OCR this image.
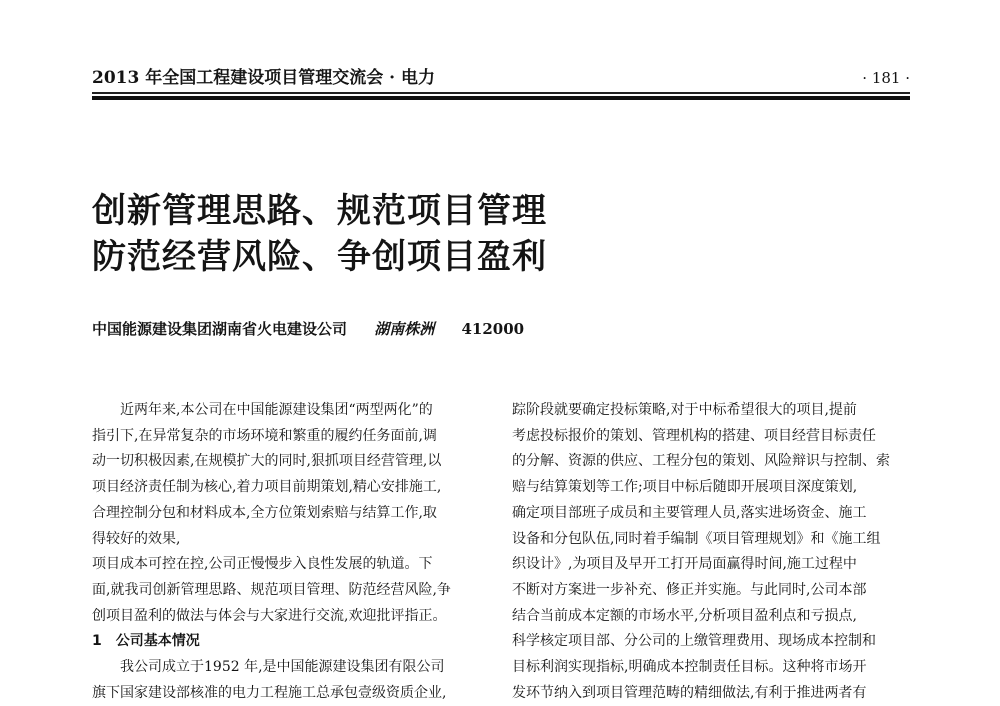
2013 年全国工程建设项目管理交流会 · 电力	· 181 ·
创新管理思路、规范项目管理
防范经营风险、争创项目盈利
中国能源建设集团湖南省火电建设公司 湖南株洲 412000

近两年来,本公司在中国能源建设集团“两型两化”的

指引下,在异常复杂的市场环境和繁重的履约任务面前,调

动一切积极因素,在规模扩大的同时,狠抓项目经营管理,以

项目经济责任制为核心,着力项目前期策划,精心安排施工,

合理控制分包和材料成本,全方位策划索赔与结算工作,取

得较好的效果,

项目成本可控在控,公司正慢慢步入良性发展的轨道。下

面,就我司创新管理思路、规范项目管理、防范经营风险,争

创项目盈利的做法与体会与大家进行交流,欢迎批评指正。

1　公司基本情况

我公司成立于1952 年,是中国能源建设集团有限公司

旗下国家建设部核准的电力工程施工总承包壹级资质企业,

踪阶段就要确定投标策略,对于中标希望很大的项目,提前

考虑投标报价的策划、管理机构的搭建、项目经营目标责任

的分解、资源的供应、工程分包的策划、风险辩识与控制、索

赔与结算策划等工作;项目中标后随即开展项目深度策划,

确定项目部班子成员和主要管理人员,落实进场资金、施工

设备和分包队伍,同时着手编制《项目管理规划》和《施工组

织设计》,为项目及早开工打开局面赢得时间,施工过程中

不断对方案进一步补充、修正并实施。与此同时,公司本部

结合当前成本定额的市场水平,分析项目盈利点和亏损点,

科学核定项目部、分公司的上缴管理费用、现场成本控制和

目标利润实现指标,明确成本控制责任目标。这种将市场开

发环节纳入到项目管理范畴的精细做法,有利于推进两者有
